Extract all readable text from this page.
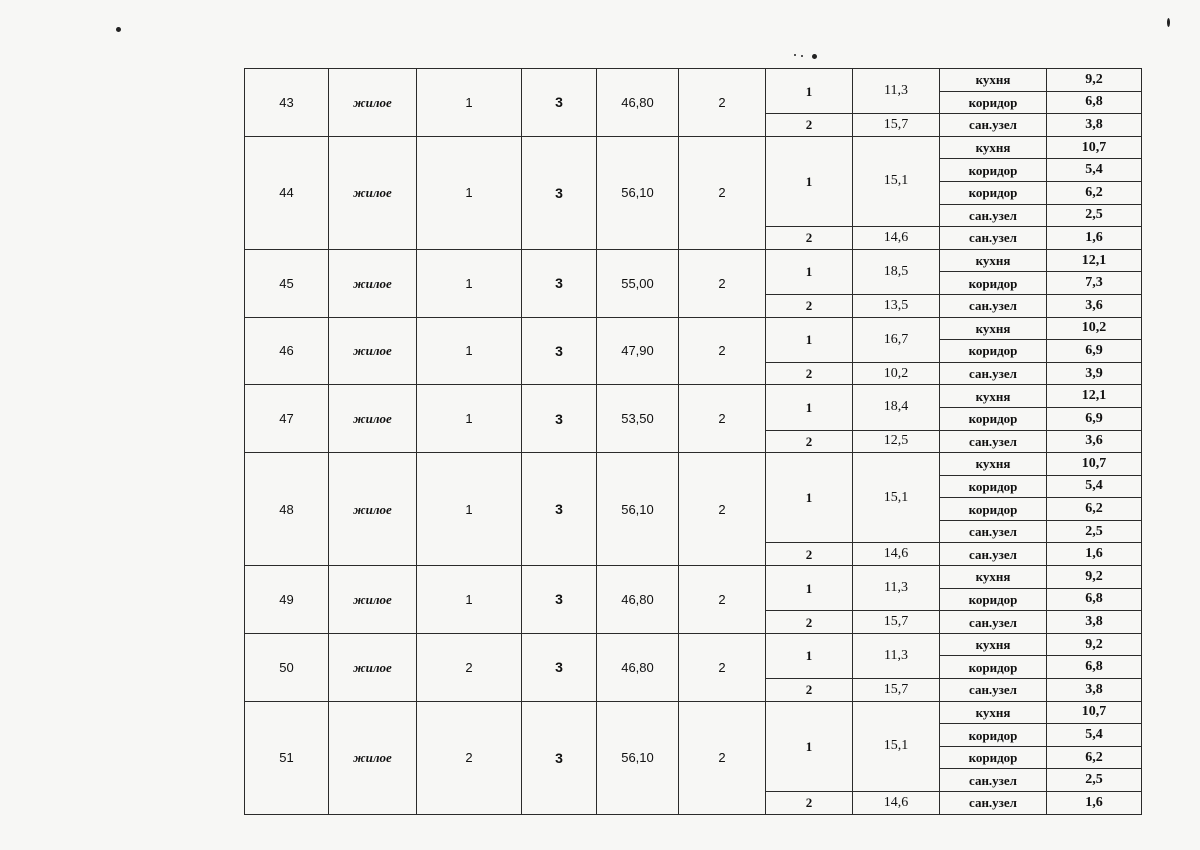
43	жилое	1	3	46,80	2	1	11,3	кухня	9,2
								коридор	6,8
						2	15,7	сан.узел	3,8
44	жилое	1	3	56,10	2	1	15,1	кухня	10,7
								коридор	5,4
								коридор	6,2
								сан.узел	2,5
						2	14,6	сан.узел	1,6
45	жилое	1	3	55,00	2	1	18,5	кухня	12,1
								коридор	7,3
						2	13,5	сан.узел	3,6
46	жилое	1	3	47,90	2	1	16,7	кухня	10,2
								коридор	6,9
						2	10,2	сан.узел	3,9
47	жилое	1	3	53,50	2	1	18,4	кухня	12,1
								коридор	6,9
						2	12,5	сан.узел	3,6
48	жилое	1	3	56,10	2	1	15,1	кухня	10,7
								коридор	5,4
								коридор	6,2
								сан.узел	2,5
						2	14,6	сан.узел	1,6
49	жилое	1	3	46,80	2	1	11,3	кухня	9,2
								коридор	6,8
						2	15,7	сан.узел	3,8
50	жилое	2	3	46,80	2	1	11,3	кухня	9,2
								коридор	6,8
						2	15,7	сан.узел	3,8
51	жилое	2	3	56,10	2	1	15,1	кухня	10,7
								коридор	5,4
								коридор	6,2
								сан.узел	2,5
						2	14,6	сан.узел	1,6
